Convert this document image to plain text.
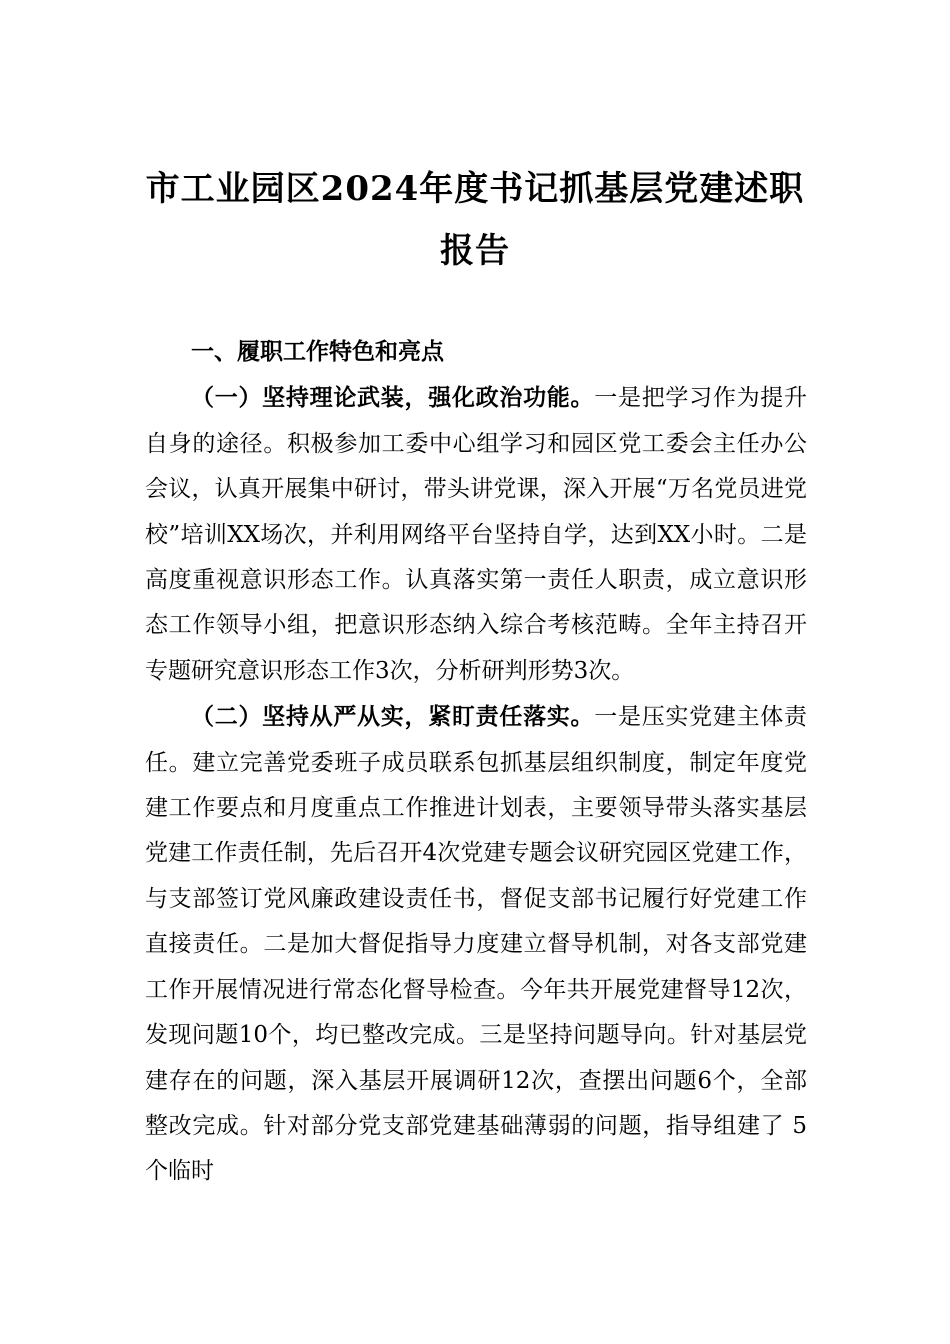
市工业园区2024年度书记抓基层党建述职报告

一、履职工作特色和亮点

（一）坚持理论武装，强化政治功能。一是把学习作为提升自身的途径。积极参加工委中心组学习和园区党工委会主任办公会议，认真开展集中研讨，带头讲党课，深入开展“万名党员进党校”培训XX场次，并利用网络平台坚持自学，达到XX小时。二是高度重视意识形态工作。认真落实第一责任人职责，成立意识形态工作领导小组，把意识形态纳入综合考核范畴。全年主持召开专题研究意识形态工作3次，分析研判形势3次。

（二）坚持从严从实，紧盯责任落实。一是压实党建主体责任。建立完善党委班子成员联系包抓基层组织制度，制定年度党建工作要点和月度重点工作推进计划表，主要领导带头落实基层党建工作责任制，先后召开4次党建专题会议研究园区党建工作，与支部签订党风廉政建设责任书，督促支部书记履行好党建工作直接责任。二是加大督促指导力度建立督导机制，对各支部党建工作开展情况进行常态化督导检查。今年共开展党建督导12次，发现问题10个，均已整改完成。三是坚持问题导向。针对基层党建存在的问题，深入基层开展调研12次，查摆出问题6个，全部整改完成。针对部分党支部党建基础薄弱的问题，指导组建了 5个临时
